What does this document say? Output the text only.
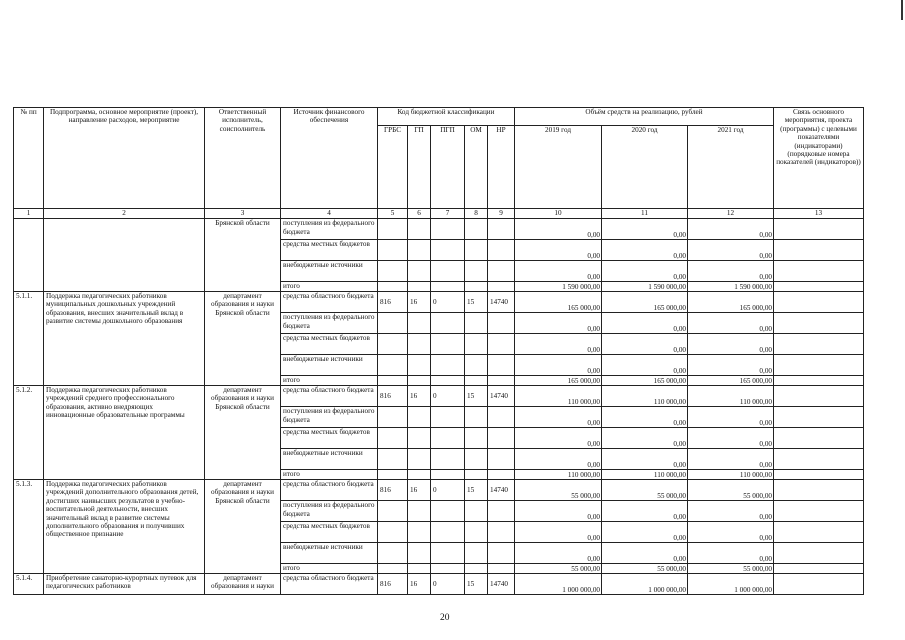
№ пп	Подпрограмма, основное мероприятие (проект), направление расходов, мероприятие	Ответственный исполнитель, соисполнитель	Источник финансового обеспечения	Код бюджетной классификации					Объём средств на реализацию, рублей			Связь основного мероприятия, проекта (программы) с целевыми показателями (индикаторами) (порядковые номера показателей (индикаторов))
				ГРБС	ГП	ПГП	ОМ	НР	2019 год	2020 год	2021 год	
1	2	3	4	5	6	7	8	9	10	11	12	13
		Брянской области	поступления из федерального бюджета						0,00	0,00	0,00	
			средства местных бюджетов						0,00	0,00	0,00	
			внебюджетные источники						0,00	0,00	0,00	
			итого						1 590 000,00	1 590 000,00	1 590 000,00	
5.1.1.	Поддержка педагогических работников муниципальных дошкольных учреждений образования, внесших значительный вклад в развитие системы дошкольного образования	департамент образования и науки Брянской области	средства областного бюджета	816	16	0	15	14740	165 000,00	165 000,00	165 000,00	
			поступления из федерального бюджета						0,00	0,00	0,00	
			средства местных бюджетов						0,00	0,00	0,00	
			внебюджетные источники						0,00	0,00	0,00	
			итого						165 000,00	165 000,00	165 000,00	
5.1.2.	Поддержка педагогических работников учреждений среднего профессионального образования, активно внедряющих инновационные образовательные программы	департамент образования и науки Брянской области	средства областного бюджета	816	16	0	15	14740	110 000,00	110 000,00	110 000,00	
			поступления из федерального бюджета						0,00	0,00	0,00	
			средства местных бюджетов						0,00	0,00	0,00	
			внебюджетные источники						0,00	0,00	0,00	
			итого						110 000,00	110 000,00	110 000,00	
5.1.3.	Поддержка педагогических работников учреждений дополнительного образования детей, достигших наивысших результатов в учебно-воспитательной деятельности, внесших значительный вклад в развитие системы дополнительного образования и получивших общественное признание	департамент образования и науки Брянской области	средства областного бюджета	816	16	0	15	14740	55 000,00	55 000,00	55 000,00	
			поступления из федерального бюджета						0,00	0,00	0,00	
			средства местных бюджетов						0,00	0,00	0,00	
			внебюджетные источники						0,00	0,00	0,00	
			итого						55 000,00	55 000,00	55 000,00	
5.1.4.	Приобретение санаторно-курортных путевок для педагогических работников	департамент образования и науки	средства областного бюджета	816	16	0	15	14740	1 000 000,00	1 000 000,00	1 000 000,00	
20
